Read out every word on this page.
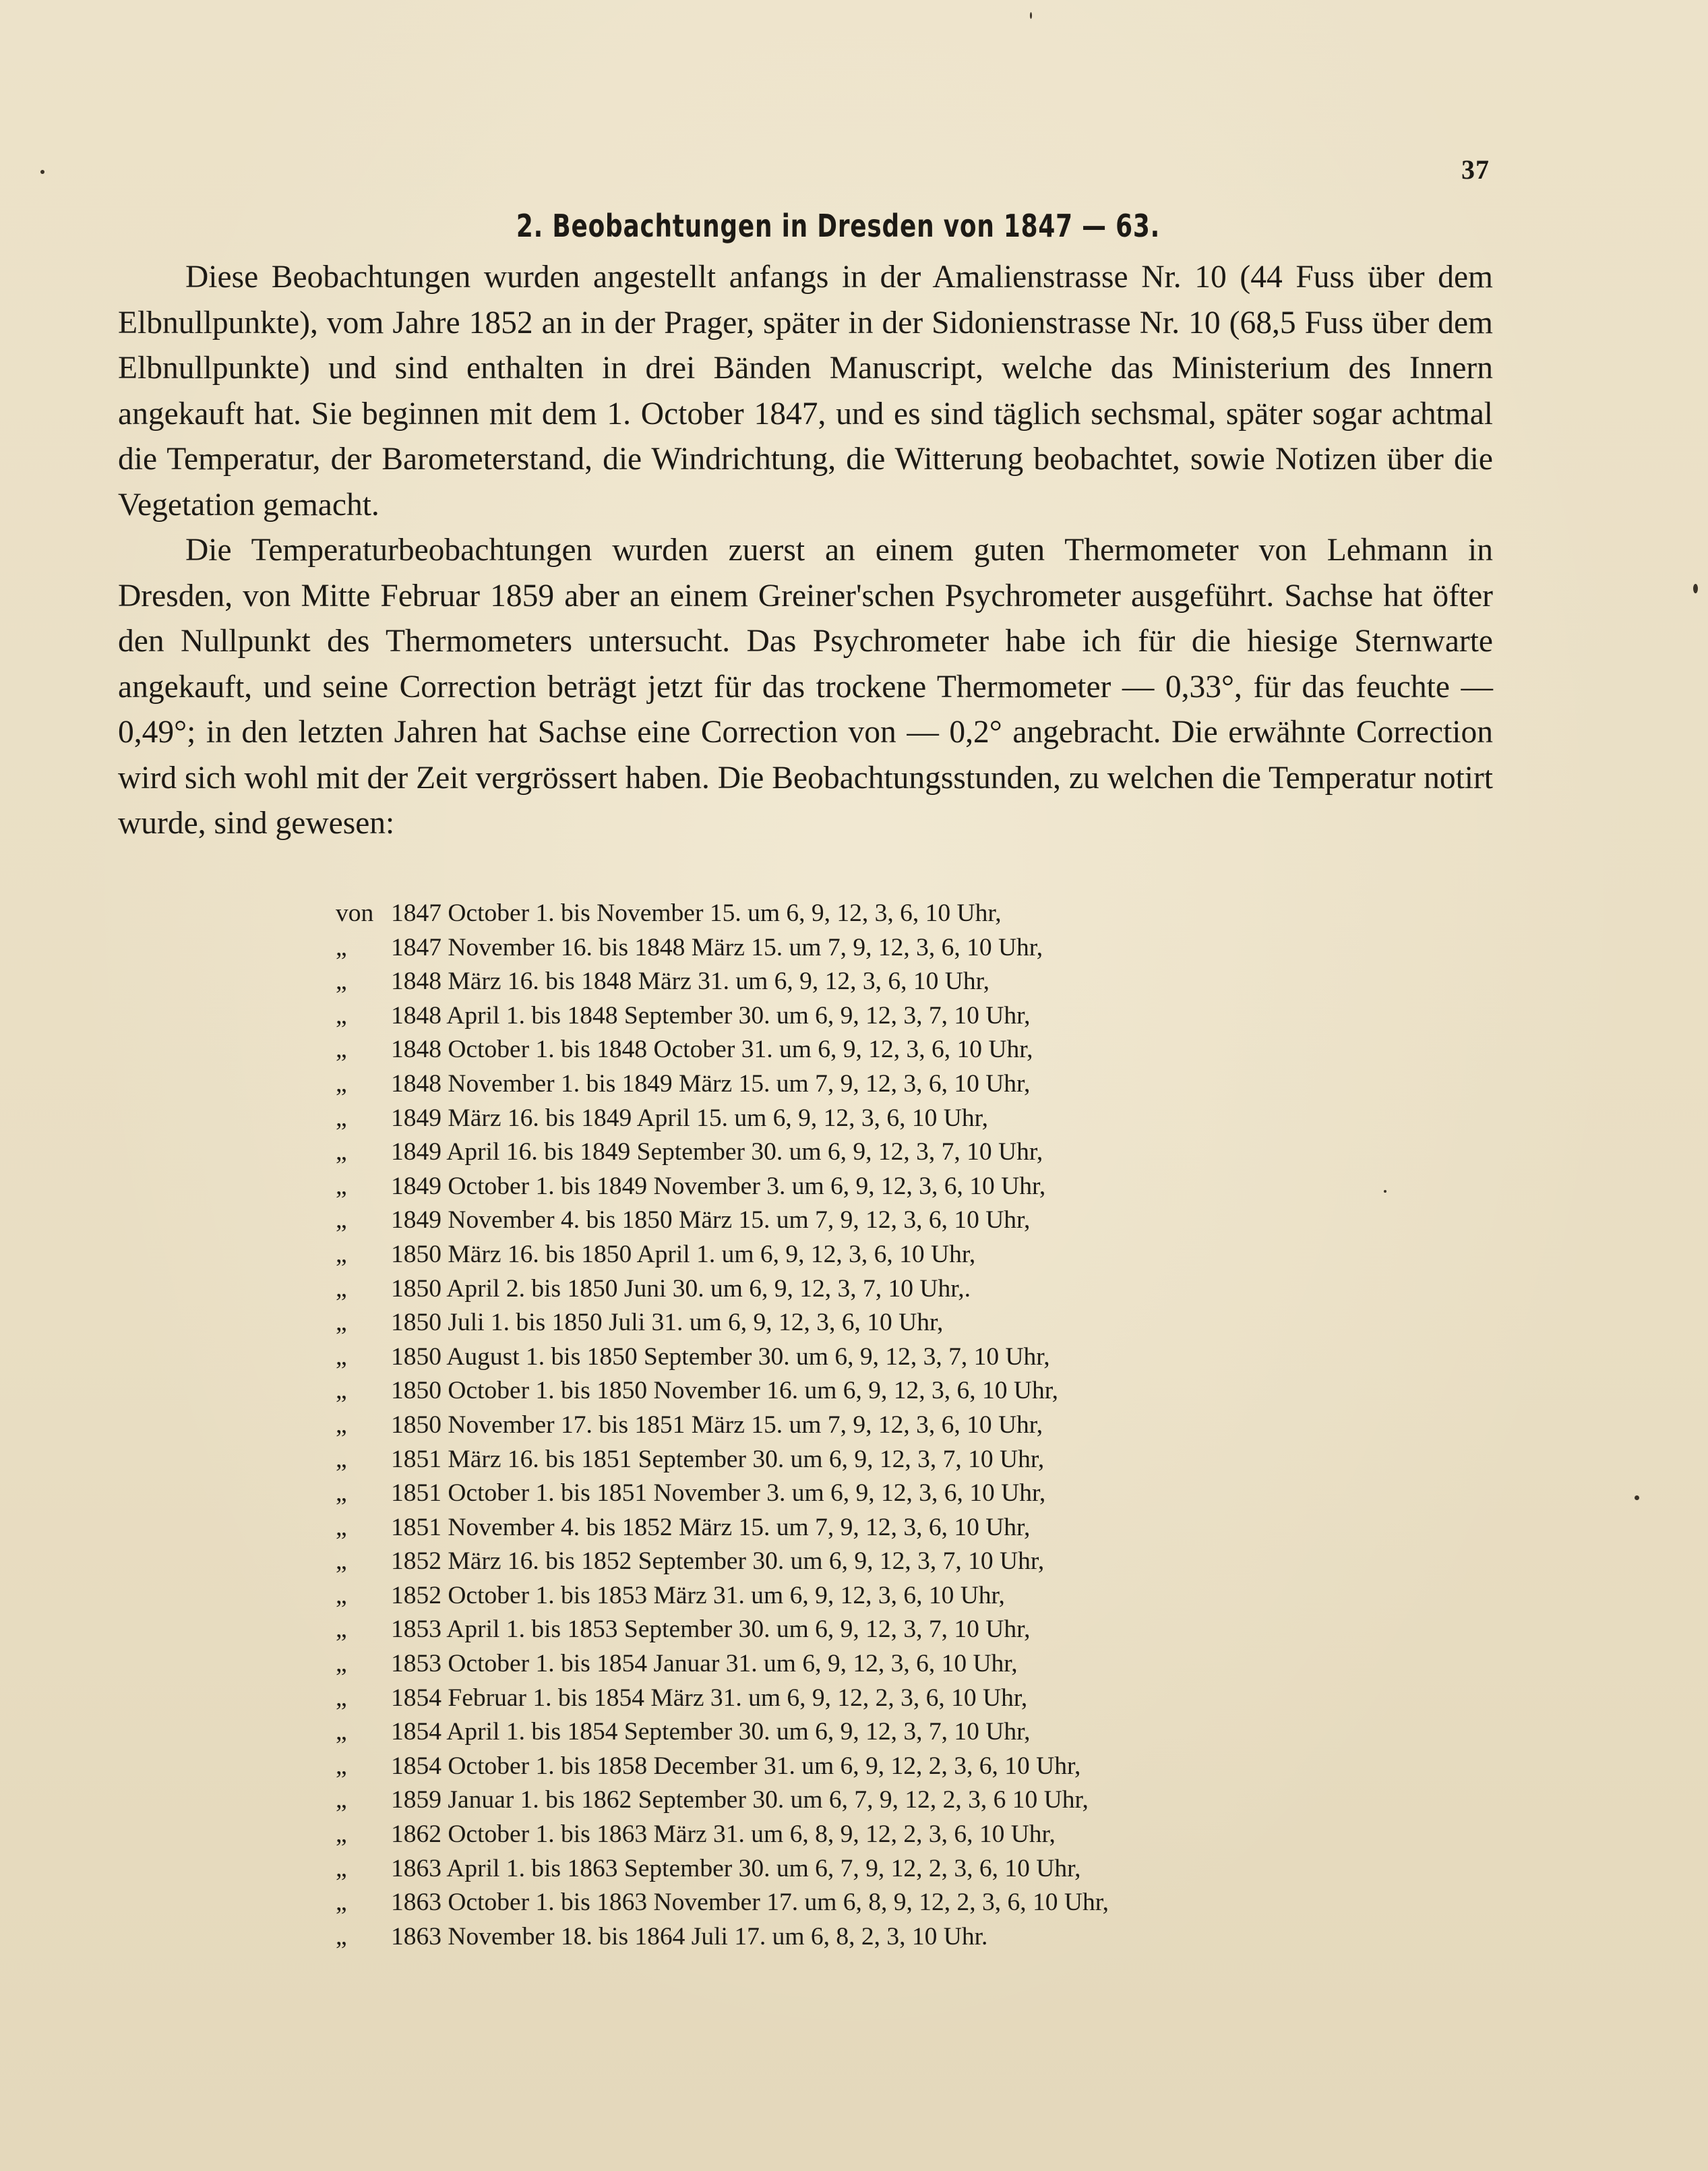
37
2. Beobachtungen in Dresden von 1847 — 63.

Diese Beobachtungen wurden angestellt anfangs in der Amalienstrasse Nr. 10 (44 Fuss über dem Elbnullpunkte), vom Jahre 1852 an in der Prager, später in der Sidonienstrasse Nr. 10 (68,5 Fuss über dem Elbnullpunkte) und sind enthalten in drei Bänden Manuscript, welche das Ministerium des Innern angekauft hat. Sie beginnen mit dem 1. October 1847, und es sind täglich sechsmal, später sogar achtmal die Temperatur, der Barometerstand, die Windrichtung, die Witterung beobachtet, sowie Notizen über die Vegetation gemacht.

Die Temperaturbeobachtungen wurden zuerst an einem guten Thermometer von Lehmann in Dresden, von Mitte Februar 1859 aber an einem Greiner'schen Psychrometer ausgeführt. Sachse hat öfter den Nullpunkt des Thermometers untersucht. Das Psychrometer habe ich für die hiesige Sternwarte angekauft, und seine Correction beträgt jetzt für das trockene Thermometer — 0,33°, für das feuchte — 0,49°; in den letzten Jahren hat Sachse eine Correction von — 0,2° angebracht. Die erwähnte Correction wird sich wohl mit der Zeit vergrössert haben. Die Beobachtungsstunden, zu welchen die Temperatur notirt wurde, sind gewesen:

von 1847 October 1. bis November 15. um 6, 9, 12, 3, 6, 10 Uhr,
„	1847 November 16. bis 1848 März 15. um 7, 9, 12, 3, 6, 10 Uhr,
„	1848 März 16. bis 1848 März 31. um 6, 9, 12, 3, 6, 10 Uhr,
„	1848 April 1. bis 1848 September 30. um 6, 9, 12, 3, 7, 10 Uhr,
„	1848 October 1. bis 1848 October 31. um 6, 9, 12, 3, 6, 10 Uhr,
„	1848 November 1. bis 1849 März 15. um 7, 9, 12, 3, 6, 10 Uhr,
„	1849 März 16. bis 1849 April 15. um 6, 9, 12, 3, 6, 10 Uhr,
„	1849 April 16. bis 1849 September 30. um 6, 9, 12, 3, 7, 10 Uhr,
„	1849 October 1. bis 1849 November 3. um 6, 9, 12, 3, 6, 10 Uhr,
„	1849 November 4. bis 1850 März 15. um 7, 9, 12, 3, 6, 10 Uhr,
„	1850 März 16. bis 1850 April 1. um 6, 9, 12, 3, 6, 10 Uhr,
„	1850 April 2. bis 1850 Juni 30. um 6, 9, 12, 3, 7, 10 Uhr,.
„	1850 Juli 1. bis 1850 Juli 31. um 6, 9, 12, 3, 6, 10 Uhr,
„	1850 August 1. bis 1850 September 30. um 6, 9, 12, 3, 7, 10 Uhr,
„	1850 October 1. bis 1850 November 16. um 6, 9, 12, 3, 6, 10 Uhr,
„	1850 November 17. bis 1851 März 15. um 7, 9, 12, 3, 6, 10 Uhr,
„	1851 März 16. bis 1851 September 30. um 6, 9, 12, 3, 7, 10 Uhr,
„	1851 October 1. bis 1851 November 3. um 6, 9, 12, 3, 6, 10 Uhr,
„	1851 November 4. bis 1852 März 15. um 7, 9, 12, 3, 6, 10 Uhr,
„	1852 März 16. bis 1852 September 30. um 6, 9, 12, 3, 7, 10 Uhr,
„	1852 October 1. bis 1853 März 31. um 6, 9, 12, 3, 6, 10 Uhr,
„	1853 April 1. bis 1853 September 30. um 6, 9, 12, 3, 7, 10 Uhr,
„	1853 October 1. bis 1854 Januar 31. um 6, 9, 12, 3, 6, 10 Uhr,
„	1854 Februar 1. bis 1854 März 31. um 6, 9, 12, 2, 3, 6, 10 Uhr,
„	1854 April 1. bis 1854 September 30. um 6, 9, 12, 3, 7, 10 Uhr,
„	1854 October 1. bis 1858 December 31. um 6, 9, 12, 2, 3, 6, 10 Uhr,
„	1859 Januar 1. bis 1862 September 30. um 6, 7, 9, 12, 2, 3, 6 10 Uhr,
„	1862 October 1. bis 1863 März 31. um 6, 8, 9, 12, 2, 3, 6, 10 Uhr,
„	1863 April 1. bis 1863 September 30. um 6, 7, 9, 12, 2, 3, 6, 10 Uhr,
„	1863 October 1. bis 1863 November 17. um 6, 8, 9, 12, 2, 3, 6, 10 Uhr,
„	1863 November 18. bis 1864 Juli 17. um 6, 8, 2, 3, 10 Uhr.
